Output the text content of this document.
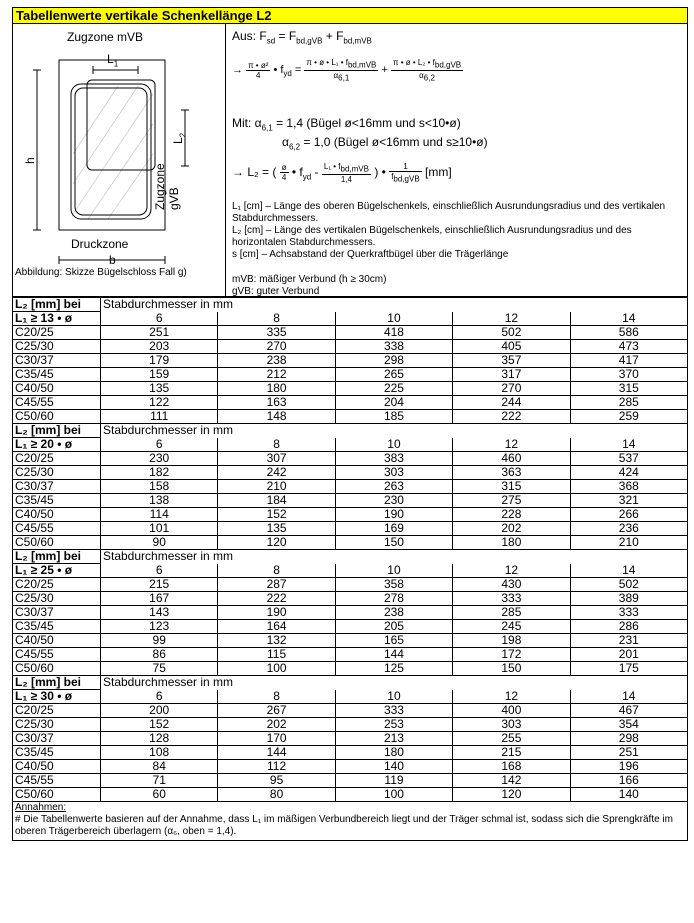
Tabellenwerte vertikale Schenkellänge L2
Zugzone mVB
$L_1$
Zugzone gVB
$L_2$
h
Druckzone
b
Abbildung: Skizze Bügelschloss Fall g)
Aus: $F_{sd} = F_{bd,gVB} + F_{bd,mVB}$
→ $\frac{\text{π • ø²}}{4}$ • $f_{yd} = \frac{\pi • ø • L_1 • f_{bd,mVB}}{\alpha_{6,1}} + \frac{\pi • ø • L_2 • f_{bd,gVB}}{\alpha_{6,2}}$
Mit: $\alpha_{6,1} = 1,4$ (Bügel ø<16mm und s<10•ø)
$\alpha_{6,2} = 1,0$ (Bügel ø<16mm und s≥10•ø)
→ L₂ = ( $\frac{ø}{4}$ • $f_{yd} - \frac{L_1 • f_{bd,mVB}}{1,4}$ ) • $\frac{1}{f_{bd,gVB}} [mm]$
L₁ [cm] – Länge des oberen Bügelschenkels, einschließlich Ausrundungsradius und des vertikalen Stabdurchmessers.
L₂ [cm] – Länge des vertikalen Bügelschenkels, einschließlich Ausrundungsradius und des horizontalen Stabdurchmessers.
s [cm] – Achsabstand der Querkraftbügel über die Trägerlänge
mVB: mäßiger Verbund (h ≥ 30cm)
gVB: guter Verbund
L₂ [mm] bei	Stabdurchmesser in mm				
L₁ ≥ 13 • ø	6	8	10	12	14
C20/25	251	335	418	502	586
C25/30	203	270	338	405	473
C30/37	179	238	298	357	417
C35/45	159	212	265	317	370
C40/50	135	180	225	270	315
C45/55	122	163	204	244	285
C50/60	111	148	185	222	259
L₂ [mm] bei	Stabdurchmesser in mm				
L₁ ≥ 20 • ø	6	8	10	12	14
C20/25	230	307	383	460	537
C25/30	182	242	303	363	424
C30/37	158	210	263	315	368
C35/45	138	184	230	275	321
C40/50	114	152	190	228	266
C45/55	101	135	169	202	236
C50/60	90	120	150	180	210
L₂ [mm] bei	Stabdurchmesser in mm				
L₁ ≥ 25 • ø	6	8	10	12	14
C20/25	215	287	358	430	502
C25/30	167	222	278	333	389
C30/37	143	190	238	285	333
C35/45	123	164	205	245	286
C40/50	99	132	165	198	231
C45/55	86	115	144	172	201
C50/60	75	100	125	150	175
L₂ [mm] bei	Stabdurchmesser in mm				
L₁ ≥ 30 • ø	6	8	10	12	14
C20/25	200	267	333	400	467
C25/30	152	202	253	303	354
C30/37	128	170	213	255	298
C35/45	108	144	180	215	251
C40/50	84	112	140	168	196
C45/55	71	95	119	142	166
C50/60	60	80	100	120	140
Annahmen:
# Die Tabellenwerte basieren auf der Annahme, dass L₁ im mäßigen Verbundbereich liegt und der Träger schmal ist, sodass sich die Sprengkräfte im oberen Trägerbereich überlagern (α₆, oben = 1,4).
